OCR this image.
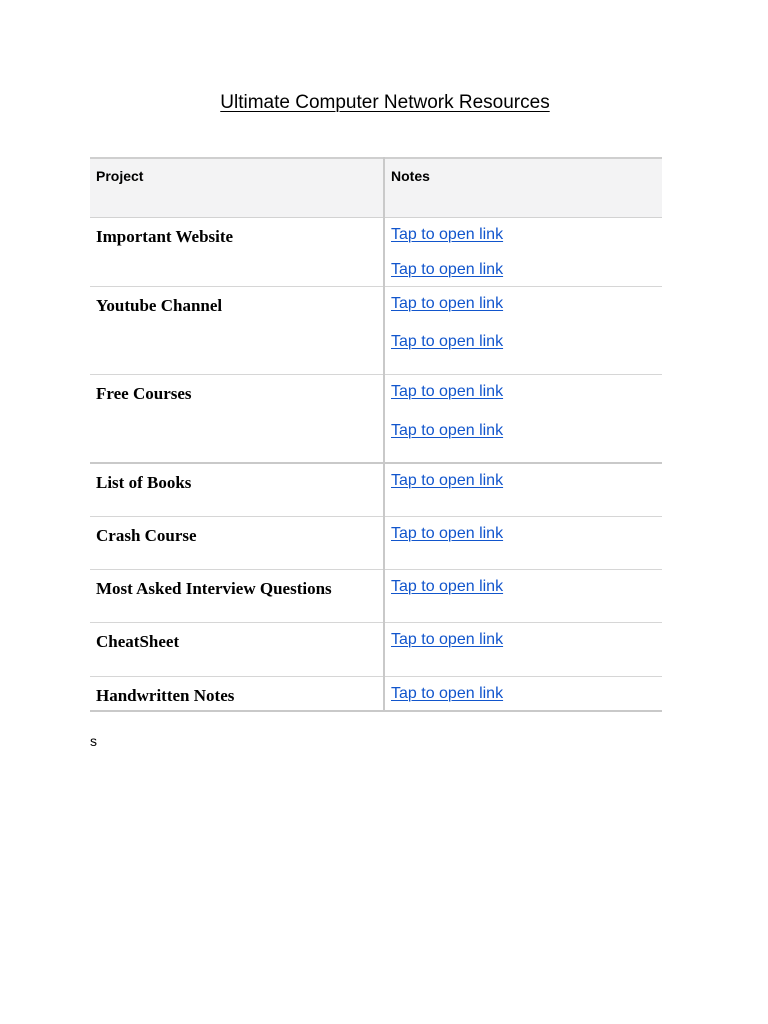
Ultimate Computer Network Resources
Project	Notes
Important Website	Tap to open link
Tap to open link

Youtube Channel	Tap to open link
Tap to open link

Free Courses	Tap to open link
Tap to open link

List of Books	Tap to open link

Crash Course	Tap to open link

Most Asked Interview Questions	Tap to open link

CheatSheet	Tap to open link

Handwritten Notes	Tap to open link
s
